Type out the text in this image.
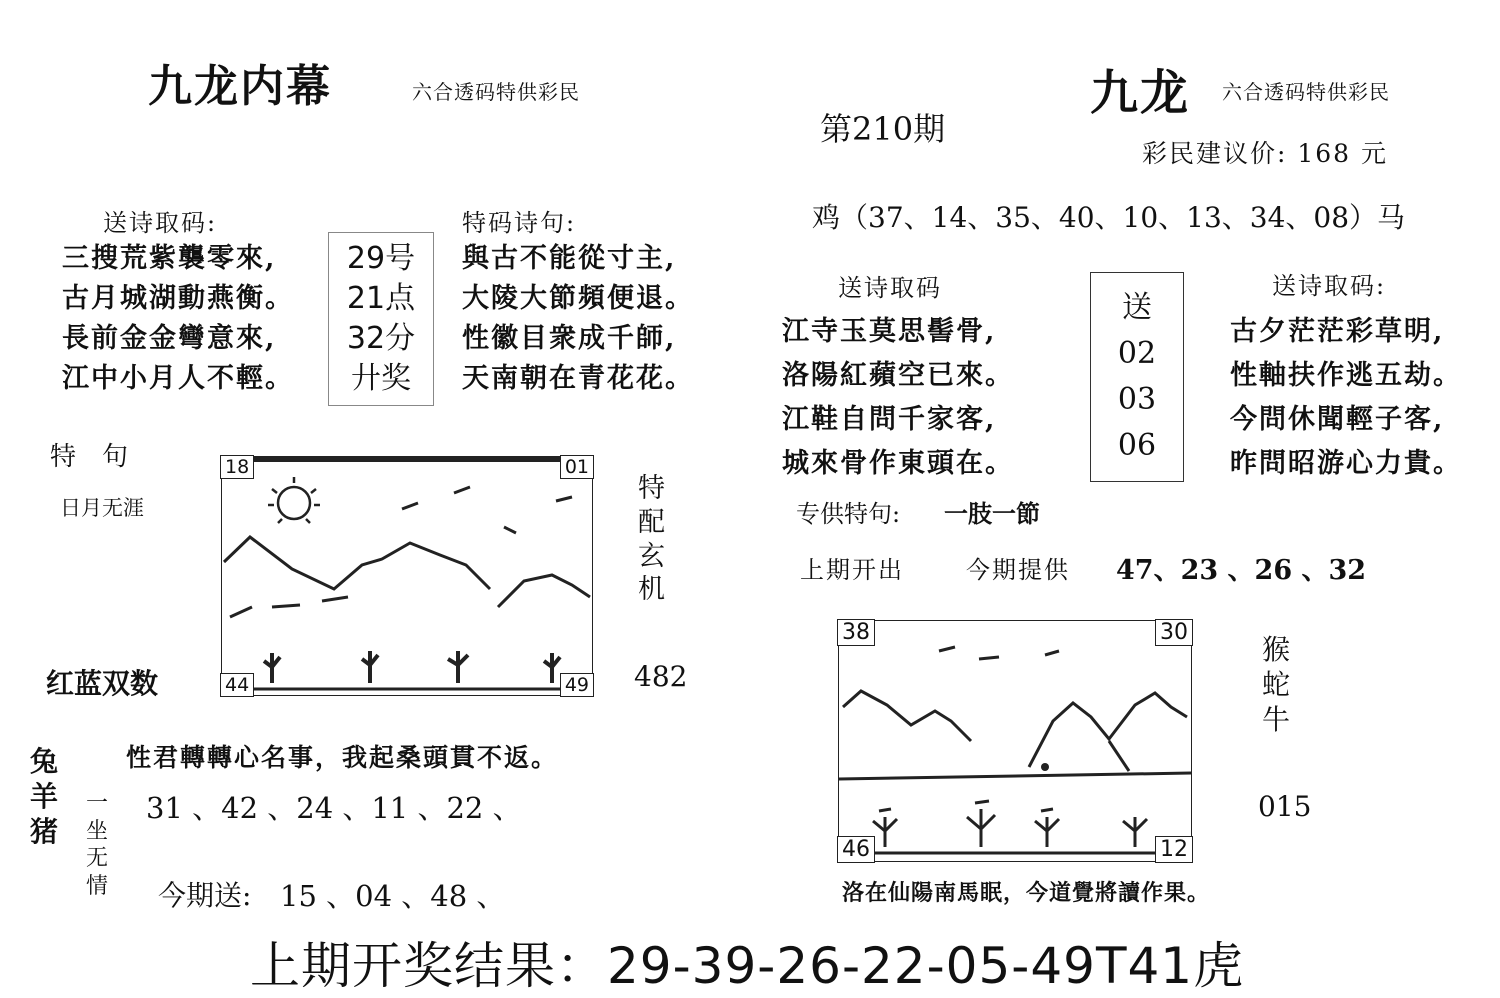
九龙内幕	六合透码特供彩民
送诗取码:
三搜荒紫襲零來,
古月城湖動燕衡。
長前金金彎意來,
江中小月人不輕。
29号
21点
32分
廾奖
特码诗句:
與古不能從寸主,
大陵大節頻便退。
性徽目衆成千師,
天南朝在青花花。
特　句
日月无涯
18	01
44	49
特
配
玄
机
红蓝双数	482
性君轉轉心名事，我起桑頭貫不返。
兔
羊
猪
一
坐
无
情
31 、42 、24 、11 、22 、
今期送: 15 、04 、48 、
第210期
九龙 六合透码特供彩民
彩民建议价: 168 元
鸡（37、14、35、40、10、13、34、08）马
送诗取码
江寺玉莫思髻骨,
洛陽紅蘋空已來。
江鞋自問千家客,
城來骨作東頭在。
送
02
03
06
送诗取码:
古夕茫茫彩草明,
性軸扶作逃五劫。
今問休聞輕子客,
昨問昭游心力貴。
专供特句: 一肢一節
上期开出	今期提供 47、23 、26 、32
38	30
46	12
猴
蛇
牛
015
洛在仙陽南馬眠，今道覺將讀作果。
上期开奖结果：29-39-26-22-05-49T41虎
